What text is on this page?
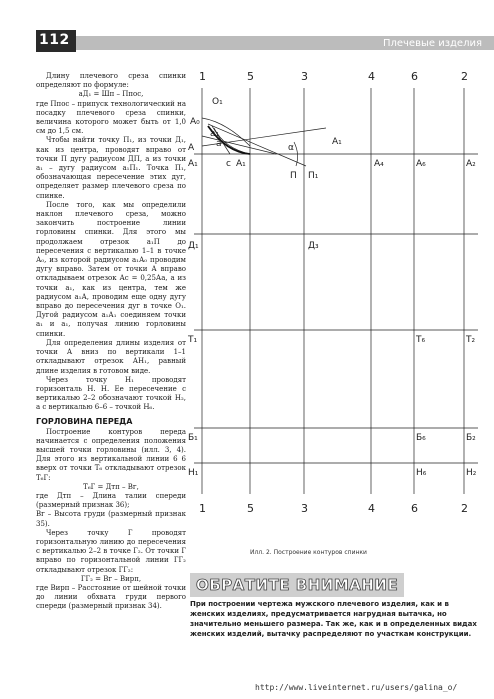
112	Плечевые изделия

Длину плечевого среза спинки определяют по формуле:

аД₁ = Шп – Ппос,

где Ппос – припуск технологический на посадку плечевого среза спинки, величина которого может быть от 1,0 см до 1,5 см.

Чтобы найти точку П₁, из точки Д₁, как из центра, проводят вправо от точки П дугу радиусом ДП, а из точки а₁ – дугу радиусом а₁П₁. Точка П₁, обозначающая пересечение этих дуг, определяет размер плечевого среза по спинке.

После того, как мы определили наклон плечевого среза, можно закончить построение линии горловины спинки. Для этого мы продолжаем отрезок а₁П до пересечения с вертикалью 1–1 в точке А₀, из которой радиусом а₁А₀ проводим дугу вправо. Затем от точки А вправо откладываем отрезок Ас = 0,25Аа, а из точки а₁, как из центра, тем же радиусом а₁А, проводим еще одну дугу вправо до пересечения дуг в точке О₁. Дугой радиусом а₁А₁ соединяем точки а₁ и а₁, получая линию горловины спинки.

Для определения длины изделия от точки А вниз по вертикали 1–1 откладывают отрезок АН₁, равный длине изделия в готовом виде.

Через точку Н₁ проводят горизонталь Н. Н. Ее пересечение с вертикалью 2–2 обозначают точкой Н₂, а с вертикалью 6–6 – точкой Н₆.

ГОРЛОВИНА ПЕРЕДА

Построение контуров переда начинается с определения положения высшей точки горловины (илл. 3, 4). Для этого из вертикальной линии 6 6 вверх от точки Т₆ откладывают отрезок Т₆Г:

Т₆Г = Дтп – Вг,

где Дтп – Длина талии спереди (размерный признак 36);

Вг – Высота груди (размерный признак 35).

Через точку Г проводят горизонтальную линию до пересечения с вертикалью 2–2 в точке Г₂. От точки Г вправо по горизонтальной линии ГГ₂ откладывают отрезок ГГ₂:

ГГ₂ = Вг – Вирп,

где Вирп – Расстояние от шейной точки до линии обхвата груди первого спереди (размерный признак 34).

1	5	3	4	6	2
1	5	3	4	6	2
O₁
A₀
a₁
a
A
c A₁
α
A₁
П П₁
A₁	A₄	A₆	A₂
Д₁	Д₃
T₁	T₆	T₂
Б₁	Б₆	Б₂
H₁	H₆	H₂
Илл. 2. Построение контуров спинки
ОБРАТИТЕ ВНИМАНИЕ
При построении чертежа мужского плечевого изделия, как и в женских изделиях, предусматривается нагрудная вытачка, но значительно меньшего размера. Так же, как и в определенных видах женских изделий, вытачку распределяют по участкам конструкции.
http://www.liveinternet.ru/users/galina_o/
